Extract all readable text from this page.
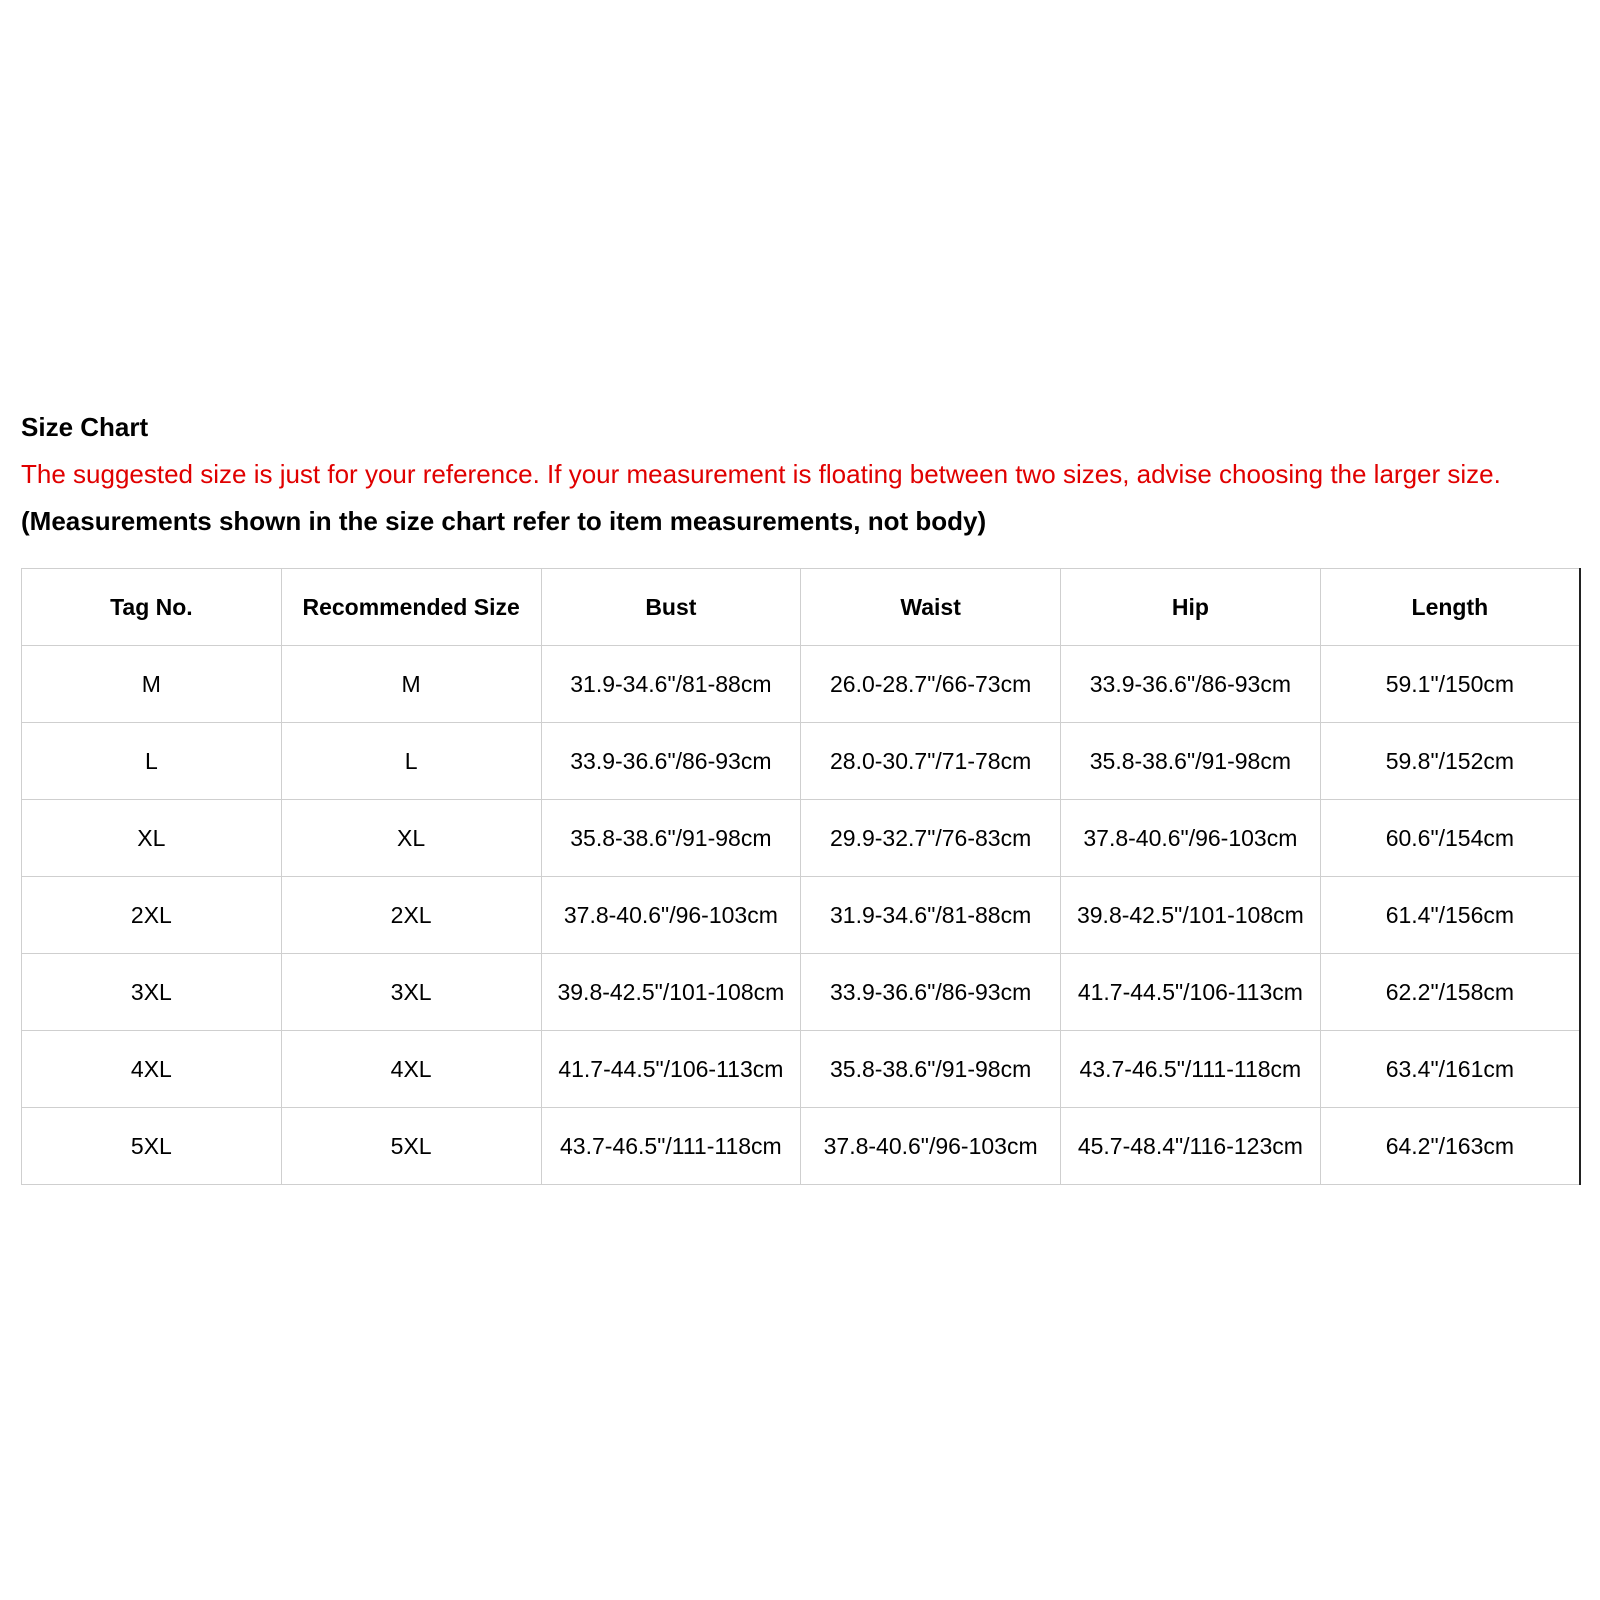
Size Chart
The suggested size is just for your reference. If your measurement is floating between two sizes, advise choosing the larger size.
(Measurements shown in the size chart refer to item measurements, not body)
Tag No.	Recommended Size	Bust	Waist	Hip	Length
M	M	31.9-34.6"/81-88cm	26.0-28.7"/66-73cm	33.9-36.6"/86-93cm	59.1"/150cm
L	L	33.9-36.6"/86-93cm	28.0-30.7"/71-78cm	35.8-38.6"/91-98cm	59.8"/152cm
XL	XL	35.8-38.6"/91-98cm	29.9-32.7"/76-83cm	37.8-40.6"/96-103cm	60.6"/154cm
2XL	2XL	37.8-40.6"/96-103cm	31.9-34.6"/81-88cm	39.8-42.5"/101-108cm	61.4"/156cm
3XL	3XL	39.8-42.5"/101-108cm	33.9-36.6"/86-93cm	41.7-44.5"/106-113cm	62.2"/158cm
4XL	4XL	41.7-44.5"/106-113cm	35.8-38.6"/91-98cm	43.7-46.5"/111-118cm	63.4"/161cm
5XL	5XL	43.7-46.5"/111-118cm	37.8-40.6"/96-103cm	45.7-48.4"/116-123cm	64.2"/163cm
